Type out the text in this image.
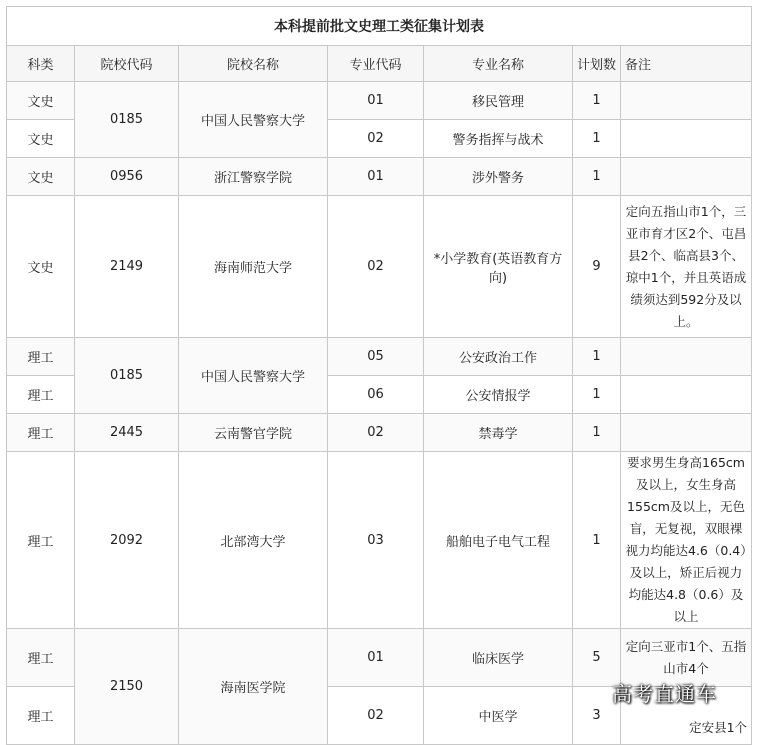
本科提前批文史理工类征集计划表						
科类	院校代码	院校名称	专业代码	专业名称	计划数	备注
文史	0185	中国人民警察大学	01	移民管理	1	
文史			02	警务指挥与战术	1	
文史	0956	浙江警察学院	01	涉外警务	1	
文史	2149	海南师范大学	02	*小学教育(英语教育方向)	9	定向五指山市1个，三亚市育才区2个、屯昌县2个、临高县3个、琼中1个，并且英语成绩须达到592分及以上。
理工	0185	中国人民警察大学	05	公安政治工作	1	
理工			06	公安情报学	1	
理工	2445	云南警官学院	02	禁毒学	1	
理工	2092	北部湾大学	03	船舶电子电气工程	1	要求男生身高165cm及以上，女生身高155cm及以上，无色盲，无复视，双眼裸视力均能达4.6（0.4）及以上，矫正后视力均能达4.8（0.6）及以上
理工	2150	海南医学院	01	临床医学	5	定向三亚市1个、五指山市4个
理工			02	中医学	3	定安县1个
高考直通车
